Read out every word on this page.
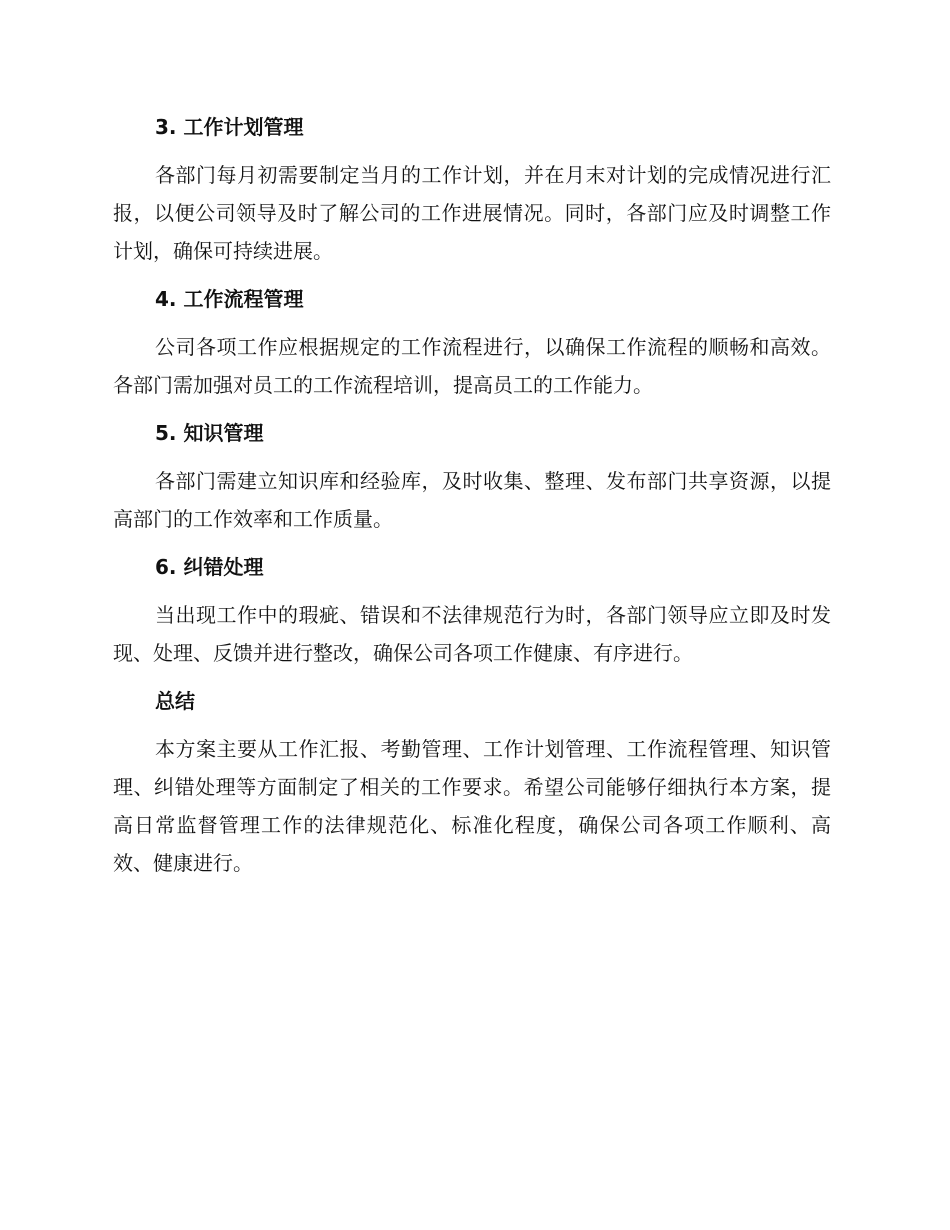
3. 工作计划管理

各部门每月初需要制定当月的工作计划，并在月末对计划的完成情况进行汇报，以便公司领导及时了解公司的工作进展情况。同时，各部门应及时调整工作计划，确保可持续进展。

4. 工作流程管理

公司各项工作应根据规定的工作流程进行，以确保工作流程的顺畅和高效。各部门需加强对员工的工作流程培训，提高员工的工作能力。

5. 知识管理

各部门需建立知识库和经验库，及时收集、整理、发布部门共享资源，以提高部门的工作效率和工作质量。

6. 纠错处理

当出现工作中的瑕疵、错误和不法律规范行为时，各部门领导应立即及时发现、处理、反馈并进行整改，确保公司各项工作健康、有序进行。

总结

本方案主要从工作汇报、考勤管理、工作计划管理、工作流程管理、知识管理、纠错处理等方面制定了相关的工作要求。希望公司能够仔细执行本方案，提高日常监督管理工作的法律规范化、标准化程度，确保公司各项工作顺利、高效、健康进行。
